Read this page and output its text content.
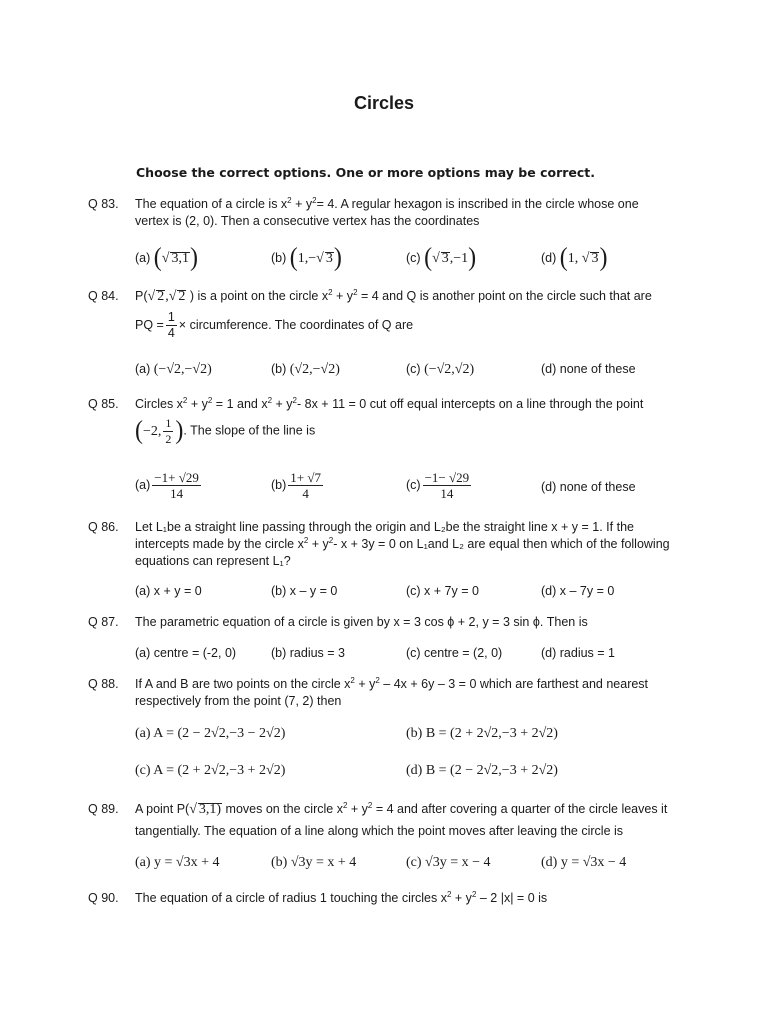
Circles
Choose the correct options. One or more options may be correct.
Q 83.	The equation of a circle is $x^2 + y^2= 4$. A regular hexagon is inscribed in the circle whose one
vertex is (2, 0). Then a consecutive vertex has the coordinates
(a) (√ 3,1)	(b) (1,−√ 3)	(c) (√ 3,−1)	(d) (1, √ 3)
Q 84.	P(√ 2,√ 2 ) is a point on the circle $x^2 + y^2 = 4$ and Q is another point on the circle such that are
PQ = $\frac{1}{4}$ × circumference. The coordinates of Q are
(a) (−√2,−√2)	(b) (√2,−√2)	(c) (−√2,√2)	(d) none of these
Q 85.	Circles $x^2 + y^2 = 1$ and $x^2 + y^2-$ 8x + 11 = 0 cut off equal intercepts on a line through the point
(−2, $\frac{1}{2}$ ). The slope of the line is
$(a) \frac{-1+ √29}{14}$	$(b) \frac{1+ √7}{4}$	$(c) \frac{-1- √29}{14}$	(d) none of these
Q 86.	Let L₁be a straight line passing through the origin and L₂be the straight line x + y = 1. If the
intercepts made by the circle $x^2 + y^2-$ x + 3y = 0 on L₁and L₂ are equal then which of the following
equations can represent L₁?
(a) x + y = 0	(b) x – y = 0	(c) x + 7y = 0	(d) x – 7y = 0
Q 87.	The parametric equation of a circle is given by x = 3 cos ϕ + 2, y = 3 sin ϕ. Then is
(a) centre = (-2, 0)	(b) radius = 3	(c) centre = (2, 0)	(d) radius = 1
Q 88.	If A and B are two points on the circle $x^2 + y^2 - 4x + 6y - 3 = 0$ which are farthest and nearest
respectively from the point (7, 2) then
(a) A = (2 − 2√2,−3 − 2√2)	(b) B = (2 + 2√2,−3 + 2√2)
(c) A = (2 + 2√2,−3 + 2√2)	(d) B = (2 − 2√2,−3 + 2√2)
Q 89.	A point P(√ 3,1) moves on the circle $x^2 + y^2 = 4$ and after covering a quarter of the circle leaves it
tangentially. The equation of a line along which the point moves after leaving the circle is
(a) y = √3x + 4	(b) √3y = x + 4	(c) √3y = x − 4	(d) y = √3x − 4
Q 90.	The equation of a circle of radius 1 touching the circles $x^2 + y^2 - 2$ |x| = 0 is
